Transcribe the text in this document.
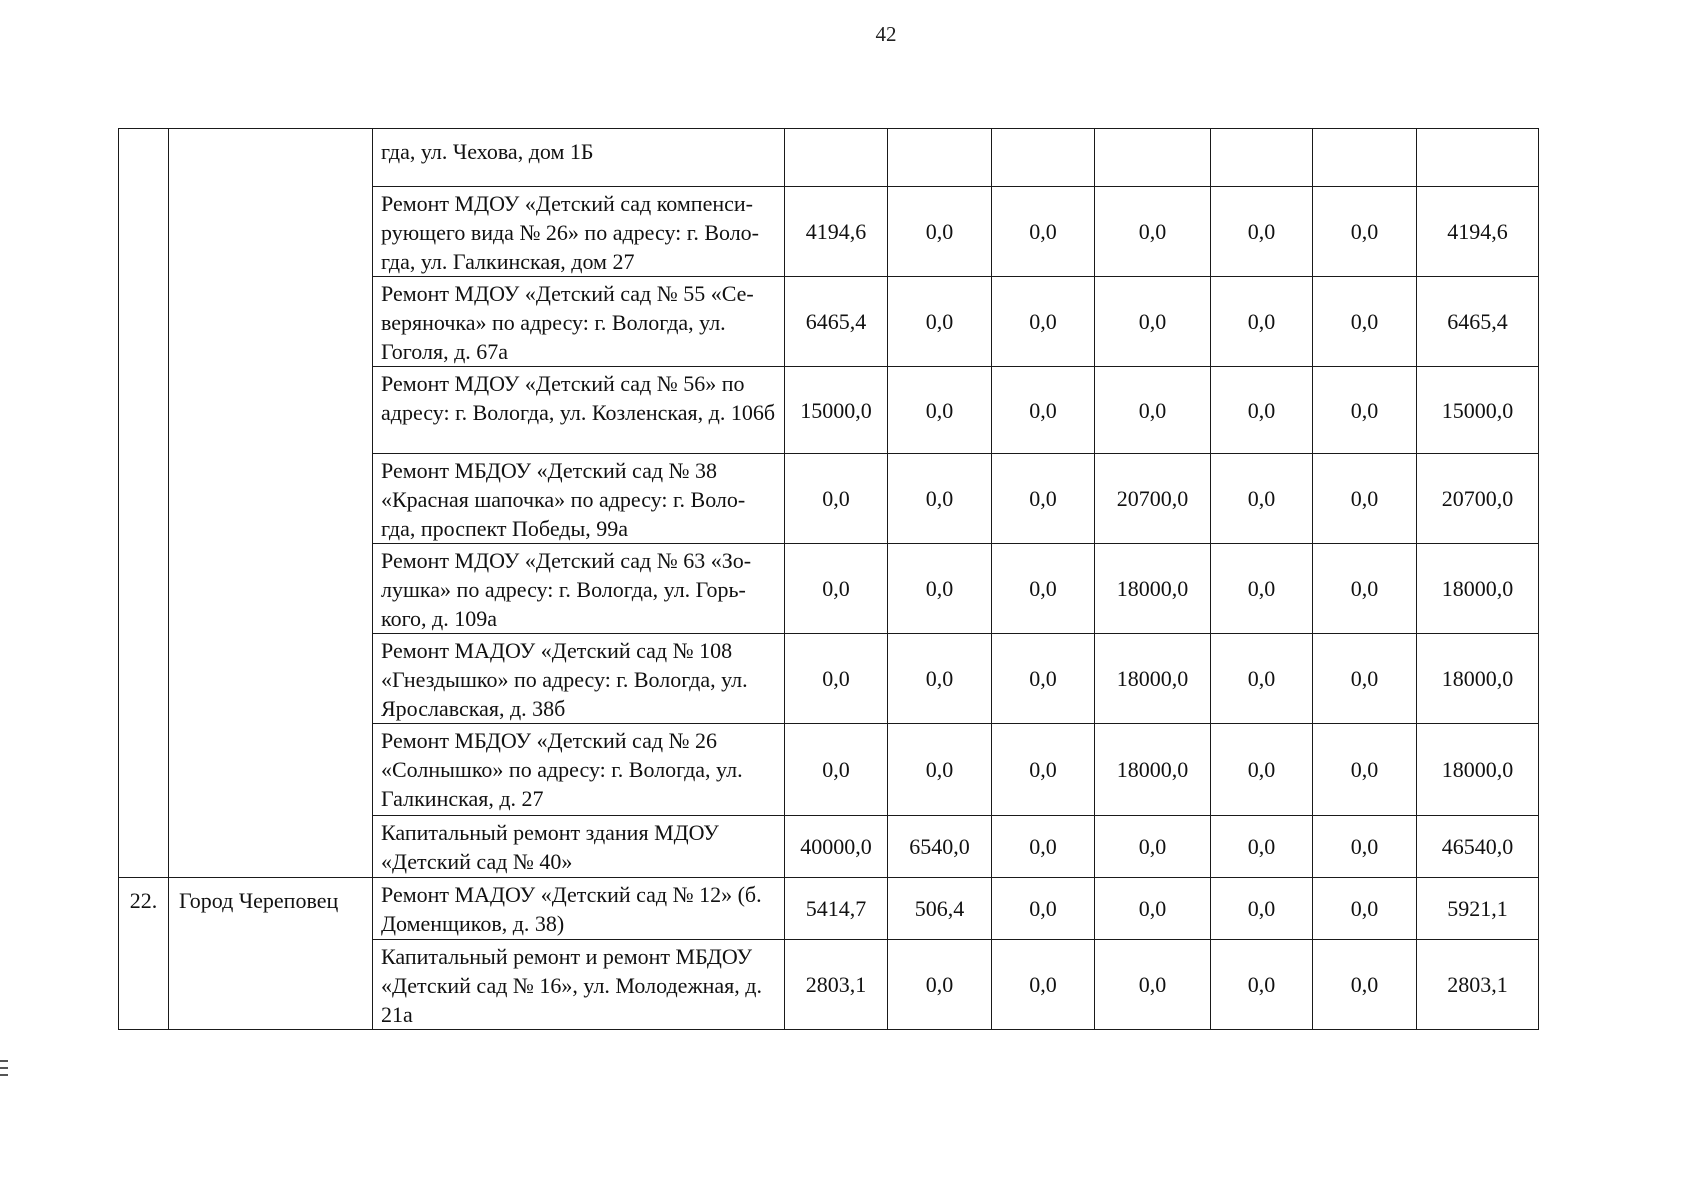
42
		гда, ул. Чехова, дом 1Б							
		Ремонт МДОУ «Детский сад компенси-рующего вида № 26» по адресу: г. Воло-гда, ул. Галкинская, дом 27	4194,6	0,0	0,0	0,0	0,0	0,0	4194,6
		Ремонт МДОУ «Детский сад № 55 «Се-веряночка» по адресу: г. Вологда, ул. Гоголя, д. 67а	6465,4	0,0	0,0	0,0	0,0	0,0	6465,4
		Ремонт МДОУ «Детский сад № 56» по адресу: г. Вологда, ул. Козленская, д. 106б	15000,0	0,0	0,0	0,0	0,0	0,0	15000,0
		Ремонт МБДОУ «Детский сад № 38 «Красная шапочка» по адресу: г. Воло-гда, проспект Победы, 99а	0,0	0,0	0,0	20700,0	0,0	0,0	20700,0
		Ремонт МДОУ «Детский сад № 63 «Зо-лушка» по адресу: г. Вологда, ул. Горь-кого, д. 109а	0,0	0,0	0,0	18000,0	0,0	0,0	18000,0
		Ремонт МАДОУ «Детский сад № 108 «Гнездышко» по адресу: г. Вологда, ул. Ярославская, д. 38б	0,0	0,0	0,0	18000,0	0,0	0,0	18000,0
		Ремонт МБДОУ «Детский сад № 26 «Солнышко» по адресу: г. Вологда, ул. Галкинская, д. 27	0,0	0,0	0,0	18000,0	0,0	0,0	18000,0
		Капитальный ремонт здания МДОУ «Детский сад № 40»	40000,0	6540,0	0,0	0,0	0,0	0,0	46540,0
22.	Город Череповец	Ремонт МАДОУ «Детский сад № 12» (б. Доменщиков, д. 38)	5414,7	506,4	0,0	0,0	0,0	0,0	5921,1
		Капитальный ремонт и ремонт МБДОУ «Детский сад № 16», ул. Молодежная, д. 21а	2803,1	0,0	0,0	0,0	0,0	0,0	2803,1
